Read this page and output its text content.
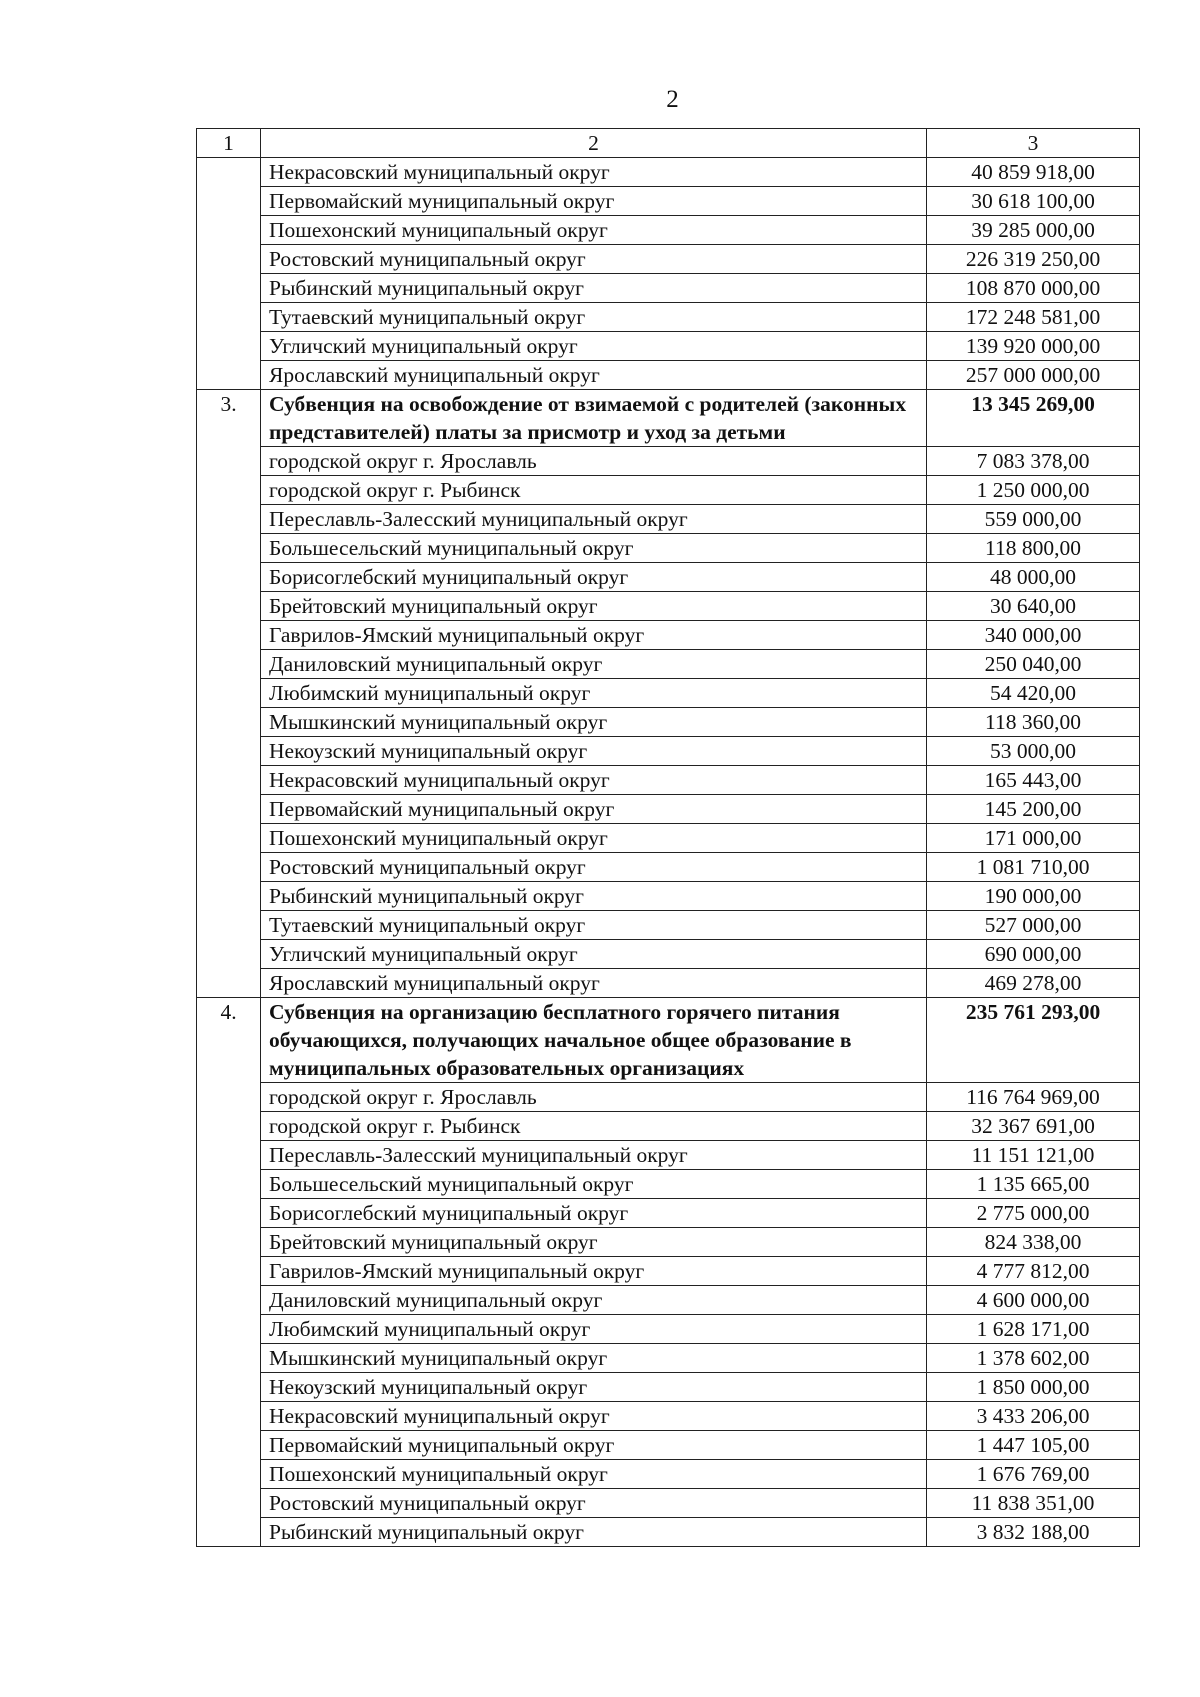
2
1	2	3
	Некрасовский муниципальный округ	40 859 918,00
	Первомайский муниципальный округ	30 618 100,00
	Пошехонский муниципальный округ	39 285 000,00
	Ростовский муниципальный округ	226 319 250,00
	Рыбинский муниципальный округ	108 870 000,00
	Тутаевский муниципальный округ	172 248 581,00
	Угличский муниципальный округ	139 920 000,00
	Ярославский муниципальный округ	257 000 000,00
3.	Субвенция на освобождение от взимаемой с родителей (законных представителей) платы за присмотр и уход за детьми	13 345 269,00
	городской округ г. Ярославль	7 083 378,00
	городской округ г. Рыбинск	1 250 000,00
	Переславль-Залесский муниципальный округ	559 000,00
	Большесельский муниципальный округ	118 800,00
	Борисоглебский муниципальный округ	48 000,00
	Брейтовский муниципальный округ	30 640,00
	Гаврилов-Ямский муниципальный округ	340 000,00
	Даниловский муниципальный округ	250 040,00
	Любимский муниципальный округ	54 420,00
	Мышкинский муниципальный округ	118 360,00
	Некоузский муниципальный округ	53 000,00
	Некрасовский муниципальный округ	165 443,00
	Первомайский муниципальный округ	145 200,00
	Пошехонский муниципальный округ	171 000,00
	Ростовский муниципальный округ	1 081 710,00
	Рыбинский муниципальный округ	190 000,00
	Тутаевский муниципальный округ	527 000,00
	Угличский муниципальный округ	690 000,00
	Ярославский муниципальный округ	469 278,00
4.	Субвенция на организацию бесплатного горячего питания обучающихся, получающих начальное общее образование в муниципальных образовательных организациях	235 761 293,00
	городской округ г. Ярославль	116 764 969,00
	городской округ г. Рыбинск	32 367 691,00
	Переславль-Залесский муниципальный округ	11 151 121,00
	Большесельский муниципальный округ	1 135 665,00
	Борисоглебский муниципальный округ	2 775 000,00
	Брейтовский муниципальный округ	824 338,00
	Гаврилов-Ямский муниципальный округ	4 777 812,00
	Даниловский муниципальный округ	4 600 000,00
	Любимский муниципальный округ	1 628 171,00
	Мышкинский муниципальный округ	1 378 602,00
	Некоузский муниципальный округ	1 850 000,00
	Некрасовский муниципальный округ	3 433 206,00
	Первомайский муниципальный округ	1 447 105,00
	Пошехонский муниципальный округ	1 676 769,00
	Ростовский муниципальный округ	11 838 351,00
	Рыбинский муниципальный округ	3 832 188,00
